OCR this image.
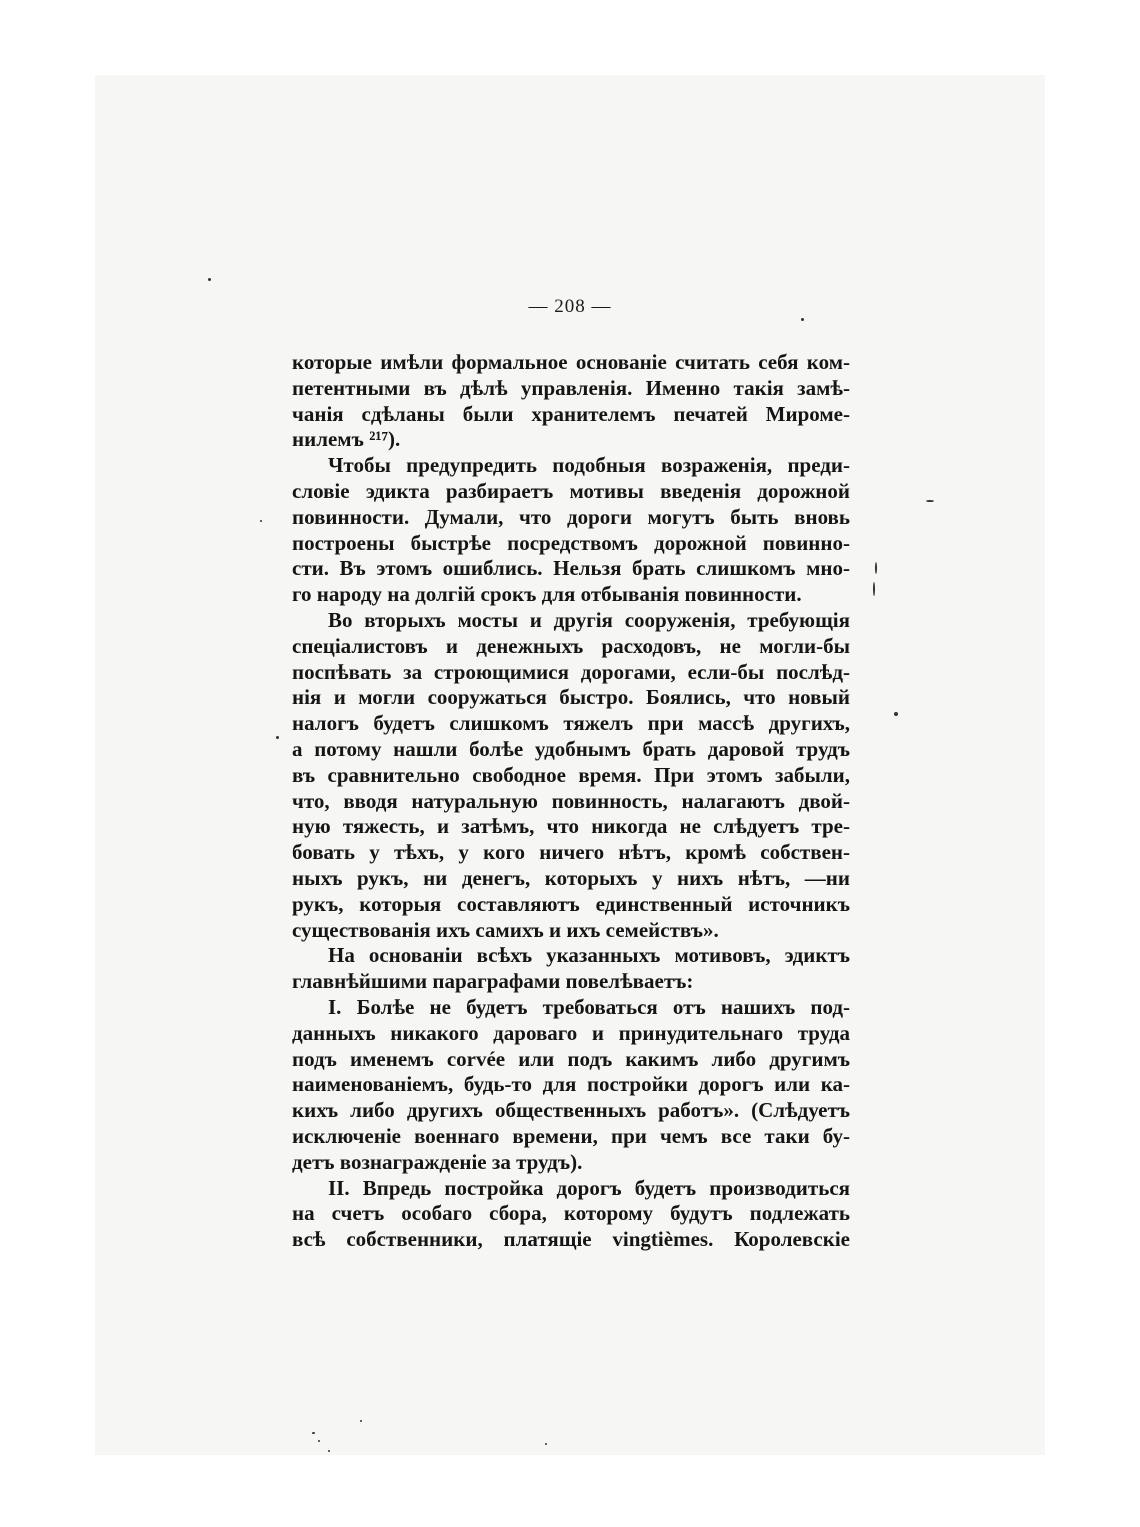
— 208 —
которые имѣли формальное основаніе считать себя ком-
петентными въ дѣлѣ управленія. Именно такія замѣ-
чанія сдѣланы были хранителемъ печатей Миромe-
нилемъ ²¹⁷).
Чтобы предупредить подобныя возраженія, преди-
словіе эдикта разбираетъ мотивы введенія дорожной
повинности. Думали, что дороги могутъ быть вновь
построены быстрѣе посредствомъ дорожной повинно-
сти. Въ этомъ ошиблись. Нельзя брать слишкомъ мно-
го народу на долгій срокъ для отбыванія повинности.
Во вторыхъ мосты и другія сооруженія, требующія
спеціалистовъ и денежныхъ расходовъ, не могли-бы
поспѣвать за строющимися дорогами, если-бы послѣд-
нія и могли сооружаться быстро. Боялись, что новый
налогъ будетъ слишкомъ тяжелъ при массѣ другихъ,
а потому нашли болѣе удобнымъ брать даровой трудъ
въ сравнительно свободное время. При этомъ забыли,
что, вводя натуральную повинность, налагаютъ двой-
ную тяжесть, и затѣмъ, что никогда не слѣдуетъ тре-
бовать у тѣхъ, у кого ничего нѣтъ, кромѣ собствен-
ныхъ рукъ, ни денегъ, которыхъ у нихъ нѣтъ, —ни
рукъ, которыя составляютъ единственный источникъ
существованія ихъ самихъ и ихъ семействъ».
На основаніи всѣхъ указанныхъ мотивовъ, эдиктъ
главнѣйшими параграфами повелѣваетъ:
I. Болѣе не будетъ требоваться отъ нашихъ под-
данныхъ никакого дароваго и принудительнаго труда
подъ именемъ corvée или подъ какимъ либо другимъ
наименованіемъ, будь-то для постройки дорогъ или ка-
кихъ либо другихъ общественныхъ работъ». (Слѣдуетъ
исключеніе военнаго времени, при чемъ все таки бу-
детъ вознагражденіе за трудъ).
II. Впредь постройка дорогъ будетъ производиться
на счетъ особаго сбора, которому будутъ подлежать
всѣ собственники, платящіе vingtièmes. Королевскіе
